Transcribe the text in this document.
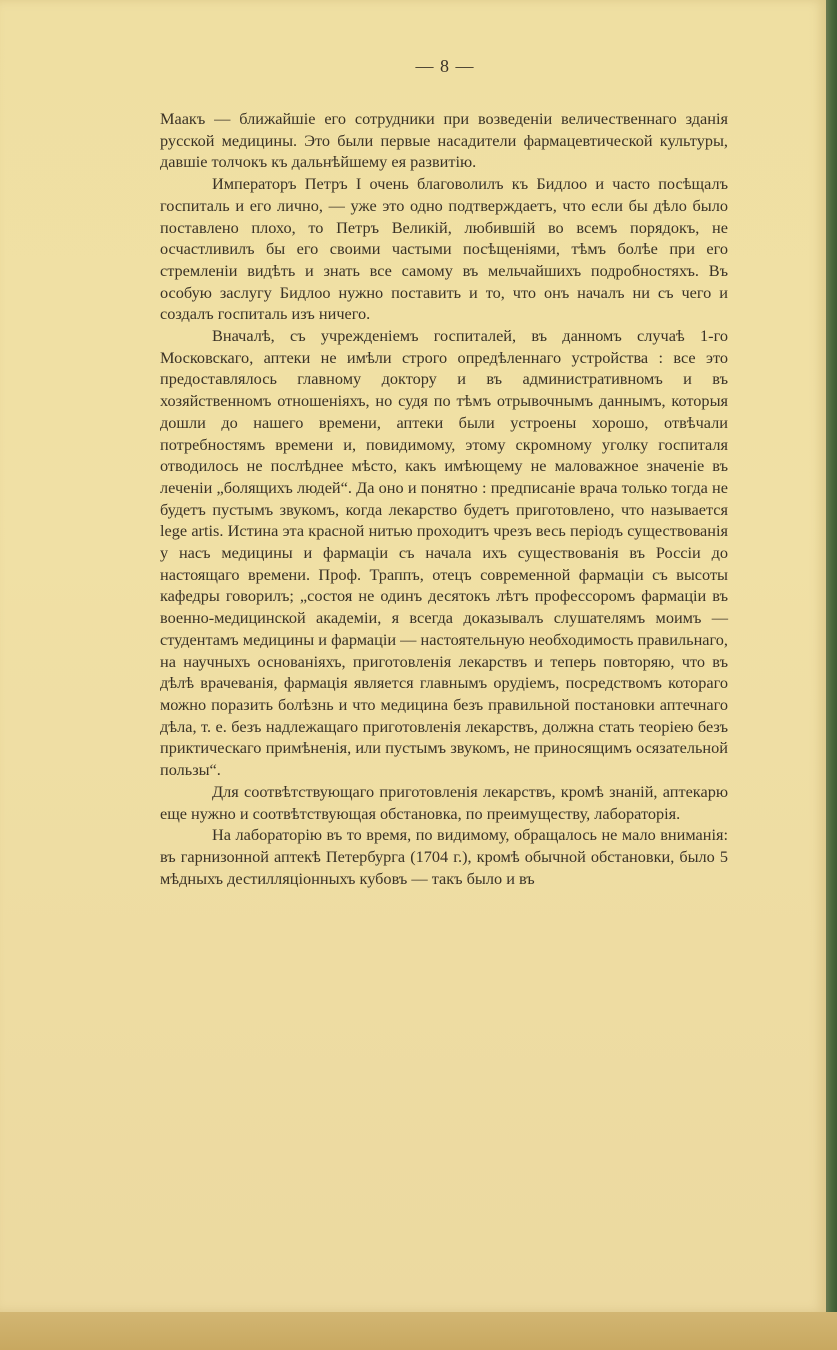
— 8 —

Маакъ — ближайшiе его сотрудники при возведенiи величественнаго зданiя русской медицины. Это были первые насадители фармацевтической культуры, давшiе толчокъ къ дальнѣйшему ея развитiю.

Императоръ Петръ I очень благоволилъ къ Бидлоо и часто посѣщалъ госпиталь и его лично, — уже это одно подтверждаетъ, что если бы дѣло было поставлено плохо, то Петръ Великiй, любившiй во всемъ порядокъ, не осчастливилъ бы его своими частыми посѣщенiями, тѣмъ болѣе при его стремленiи видѣть и знать все самому въ мельчайшихъ подробностяхъ. Въ особую заслугу Бидлоо нужно поставить и то, что онъ началъ ни съ чего и создалъ госпиталь изъ ничего.

Вначалѣ, съ учрежденiемъ госпиталей, въ данномъ случаѣ 1-го Московскаго, аптеки не имѣли строго опредѣленнаго устройства : все это предоставлялось главному доктору и въ административномъ и въ хозяйственномъ отношенiяхъ, но судя по тѣмъ отрывочнымъ даннымъ, которыя дошли до нашего времени, аптеки были устроены хорошо, отвѣчали потребностямъ времени и, повидимому, этому скромному уголку госпиталя отводилось не послѣднее мѣсто, какъ имѣющему не маловажное значенiе въ леченiи „болящихъ людей“. Да оно и понятно : предписанiе врача только тогда не будетъ пустымъ звукомъ, когда лекарство будетъ приготовлено, что называется lege artis. Истина эта красной нитью проходитъ чрезъ весь перiодъ существованiя у насъ медицины и фармацiи съ начала ихъ существованiя въ Россiи до настоящаго времени. Проф. Траппъ, отецъ современной фармацiи съ высоты кафедры говорилъ; „состоя не одинъ десятокъ лѣтъ профессоромъ фармацiи въ военно-медицинской академiи, я всегда доказывалъ слушателямъ моимъ — студентамъ медицины и фармацiи — настоятельную необходимость правильнаго, на научныхъ основанiяхъ, приготовленiя лекарствъ и теперь повторяю, что въ дѣлѣ врачеванiя, фармацiя является главнымъ орудiемъ, посредствомъ котораго можно поразить болѣзнь и что медицина безъ правильной постановки аптечнаго дѣла, т. е. безъ надлежащаго приготовленiя лекарствъ, должна стать теорiею безъ приктическаго примѣненiя, или пустымъ звукомъ, не приносящимъ осязательной пользы“.

Для соотвѣтствующаго приготовленiя лекарствъ, кромѣ знанiй, аптекарю еще нужно и соотвѣтствующая обстановка, по преимуществу, лабораторiя.

На лабораторiю въ то время, по видимому, обращалось не мало вниманiя: въ гарнизонной аптекѣ Петербурга (1704 г.), кромѣ обычной обстановки, было 5 мѣдныхъ дестилляцiонныхъ кубовъ — такъ было и въ
